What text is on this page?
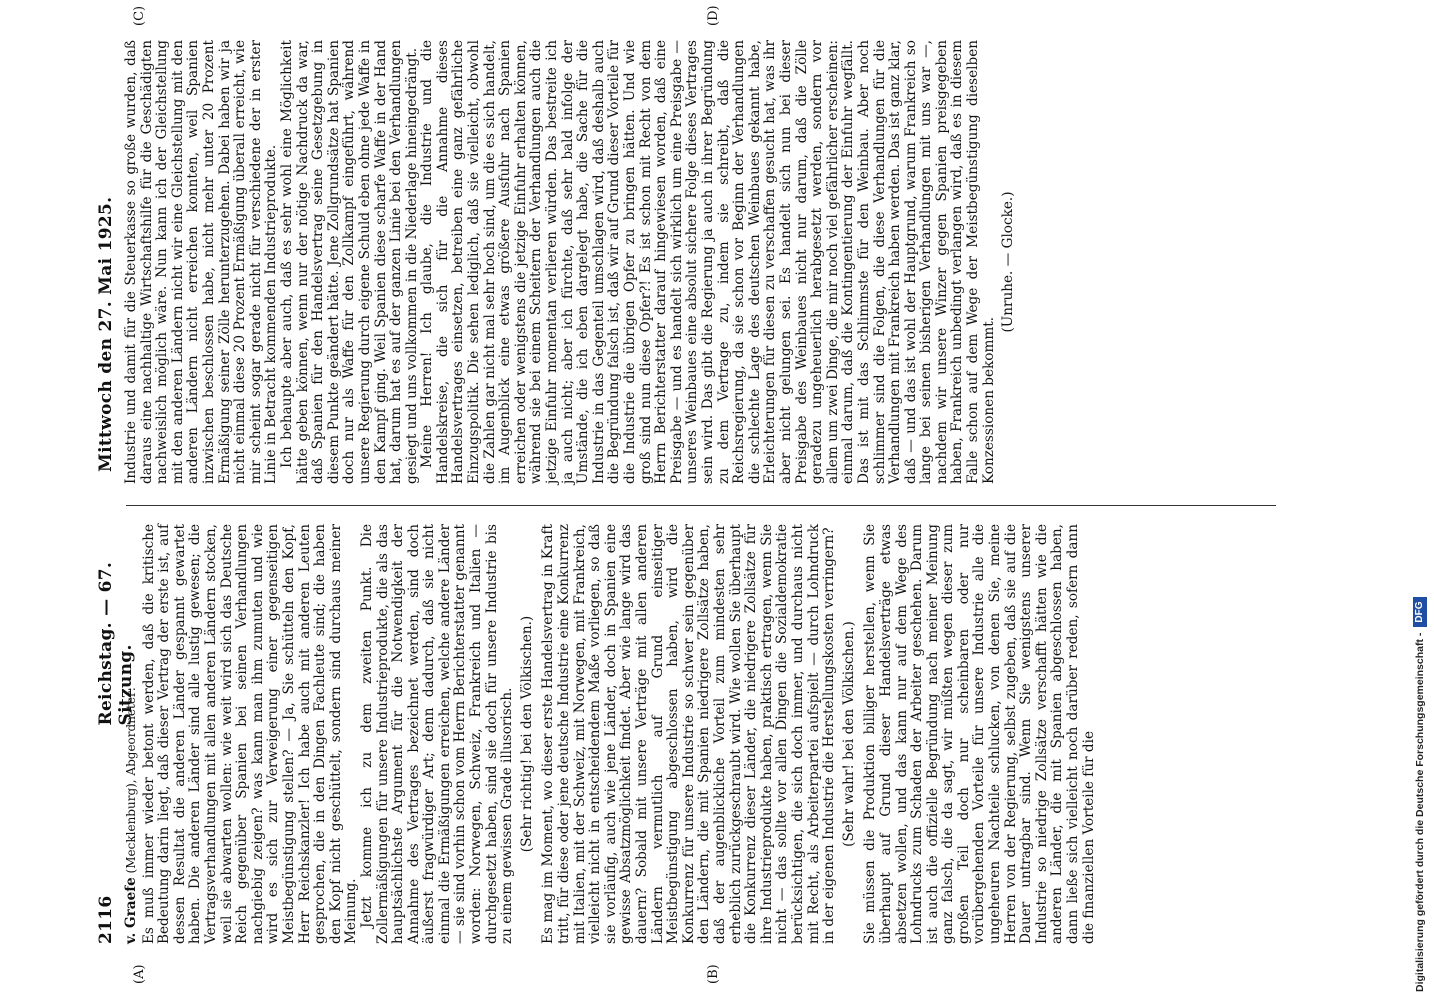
2116
Reichstag. — 67. Sitzung.
Mittwoch den 27. Mai 1925.
(A)	(B)
(C)	(D)
v. Graefe (Mecklenburg), Abgeordneter: Es muß immer wieder betont werden, daß die kritische Bedeutung darin liegt, daß dieser Vertrag der erste ist, auf dessen Resultat die anderen Länder gespannt gewartet haben. Die anderen Länder sind alle lustig gewesen; die Vertragsverhandlungen mit allen anderen Ländern stocken, weil sie abwarten wollen: wie weit wird sich das Deutsche Reich gegenüber Spanien bei seinen Verhandlungen nachgiebig zeigen? was kann man ihm zumuten und wie wird es sich zur Verweigerung einer gegenseitigen Meistbegünstigung stellen? — Ja, Sie schütteln den Kopf, Herr Reichskanzler! Ich habe auch mit anderen Leuten gesprochen, die in den Dingen Fachleute sind; die haben den Kopf nicht geschüttelt, sondern sind durchaus meiner Meinung. Jetzt komme ich zu dem zweiten Punkt. Die Zollermäßigungen für unsere Industrieprodukte, die als das hauptsächlichste Argument für die Notwendigkeit der Annahme des Vertrages bezeichnet werden, sind doch äußerst fragwürdiger Art; denn dadurch, daß sie nicht einmal die Ermäßigungen erreichen, welche andere Länder — sie sind vorhin schon vom Herrn Berichterstatter genannt worden: Norwegen, Schweiz, Frankreich und Italien — durchgesetzt haben, sind sie doch für unsere Industrie bis zu einem gewissen Grade illusorisch. (Sehr richtig! bei den Völkischen.) Es mag im Moment, wo dieser erste Handelsvertrag in Kraft tritt, für diese oder jene deutsche Industrie eine Konkurrenz mit Italien, mit der Schweiz, mit Norwegen, mit Frankreich, vielleicht nicht in entscheidendem Maße vorliegen, so daß sie vorläufig, auch wie jene Länder, doch in Spanien eine gewisse Absatzmöglichkeit findet. Aber wie lange wird das dauern? Sobald mit unsere Verträge mit allen anderen Ländern vermutlich auf Grund einseitiger Meistbegünstigung abgeschlossen haben, wird die Konkurrenz für unsere Industrie so schwer sein gegenüber den Ländern, die mit Spanien niedrigere Zollsätze haben, daß der augenblickliche Vorteil zum mindesten sehr erheblich zurückgeschraubt wird. Wie wollen Sie überhaupt die Konkurrenz dieser Länder, die niedrigere Zollsätze für ihre Industrieprodukte haben, praktisch ertragen, wenn Sie nicht — das sollte vor allen Dingen die Sozialdemokratie berücksichtigen, die sich doch immer, und durchaus nicht mit Recht, als Arbeiterpartei aufspielt — durch Lohndruck in der eigenen Industrie die Herstellungskosten verringern? (Sehr wahr! bei den Völkischen.) Sie müssen die Produktion billiger herstellen, wenn Sie überhaupt auf Grund dieser Handelsverträge etwas absetzen wollen, und das kann nur auf dem Wege des Lohndrucks zum Schaden der Arbeiter geschehen. Darum ist auch die offizielle Begründung nach meiner Meinung ganz falsch, die da sagt, wir müßten wegen dieser zum großen Teil doch nur scheinbaren oder nur vorübergehenden Vorteile für unsere Industrie alle die ungeheuren Nachteile schlucken, von denen Sie, meine Herren von der Regierung, selbst zugeben, daß sie auf die Dauer untragbar sind. Wenn Sie wenigstens unserer Industrie so niedrige Zollsätze verschafft hätten wie die anderen Länder, die mit Spanien abgeschlossen haben, dann ließe sich vielleicht noch darüber reden, sofern dann die finanziellen Vorteile für die

Industrie und damit für die Steuerkasse so große wurden, daß daraus eine nachhaltige Wirtschaftshilfe für die Geschädigten nachweislich möglich wäre. Nun kann ich der Gleichstellung mit den anderen Ländern nicht wir eine Gleichstellung mit den anderen Ländern nicht erreichen konnten, weil Spanien inzwischen beschlossen habe, nicht mehr unter 20 Prozent Ermäßigung seiner Zölle herunterzugehen. Dabei haben wir ja nicht einmal diese 20 Prozent Ermäßigung überall erreicht, wie mir scheint sogar gerade nicht für verschiedene der in erster Linie in Betracht kommenden Industrieprodukte. Ich behaupte aber auch, daß es sehr wohl eine Möglichkeit hätte geben können, wenn nur der nötige Nachdruck da war, daß Spanien für den Handelsvertrag seine Gesetzgebung in diesem Punkte geändert hätte. Jene Zollgrundsätze hat Spanien doch nur als Waffe für den Zollkampf eingeführt, während unsere Regierung durch eigene Schuld eben ohne jede Waffe in den Kampf ging. Weil Spanien diese scharfe Waffe in der Hand hat, darum hat es auf der ganzen Linie bei den Verhandlungen gesiegt und uns vollkommen in die Niederlage hineingedrängt. Meine Herren! Ich glaube, die Industrie und die Handelskreise, die sich für die Annahme dieses Handelsvertrages einsetzen, betreiben eine ganz gefährliche Einzugspolitik. Die sehen lediglich, daß sie vielleicht, obwohl die Zahlen gar nicht mal sehr hoch sind, um die es sich handelt, im Augenblick eine etwas größere Ausfuhr nach Spanien erreichen oder wenigstens die jetzige Einfuhr erhalten können, während sie bei einem Scheitern der Verhandlungen auch die jetzige Einfuhr momentan verlieren würden. Das bestreite ich ja auch nicht; aber ich fürchte, daß sehr bald infolge der Umstände, die ich eben dargelegt habe, die Sache für die Industrie in das Gegenteil umschlagen wird, daß deshalb auch die Begründung falsch ist, daß wir auf Grund dieser Vorteile für die Industrie die übrigen Opfer zu bringen hätten. Und wie groß sind nun diese Opfer?! Es ist schon mit Recht von dem Herrn Berichterstatter darauf hingewiesen worden, daß eine Preisgabe — und es handelt sich wirklich um eine Preisgabe — unseres Weinbaues eine absolut sichere Folge dieses Vertrages sein wird. Das gibt die Regierung ja auch in ihrer Begründung zu dem Vertrage zu, indem sie schreibt, daß die Reichsregierung, da sie schon vor Beginn der Verhandlungen die schlechte Lage des deutschen Weinbaues gekannt habe, Erleichterungen für diesen zu verschaffen gesucht hat, was ihr aber nicht gelungen sei. Es handelt sich nun bei dieser Preisgabe des Weinbaues nicht nur darum, daß die Zölle geradezu ungeheuerlich herabgesetzt werden, sondern vor allem um zwei Dinge, die mir noch viel gefährlicher erscheinen: einmal darum, daß die Kontingentierung der Einfuhr wegfällt. Das ist mit das Schlimmste für den Weinbau. Aber noch schlimmer sind die Folgen, die diese Verhandlungen für die Verhandlungen mit Frankreich haben werden. Das ist ganz klar, daß — und das ist wohl der Hauptgrund, warum Frankreich so lange bei seinen bisherigen Verhandlungen mit uns war —, nachdem wir unsere Winzer gegen Spanien preisgegeben haben, Frankreich unbedingt verlangen wird, daß es in diesem Falle schon auf dem Wege der Meistbegünstigung dieselben Konzessionen bekommt.

(Unruhe. — Glocke.)

Digitalisierung gefördert durch die Deutsche Forschungsgemeinschaft -
DFG
